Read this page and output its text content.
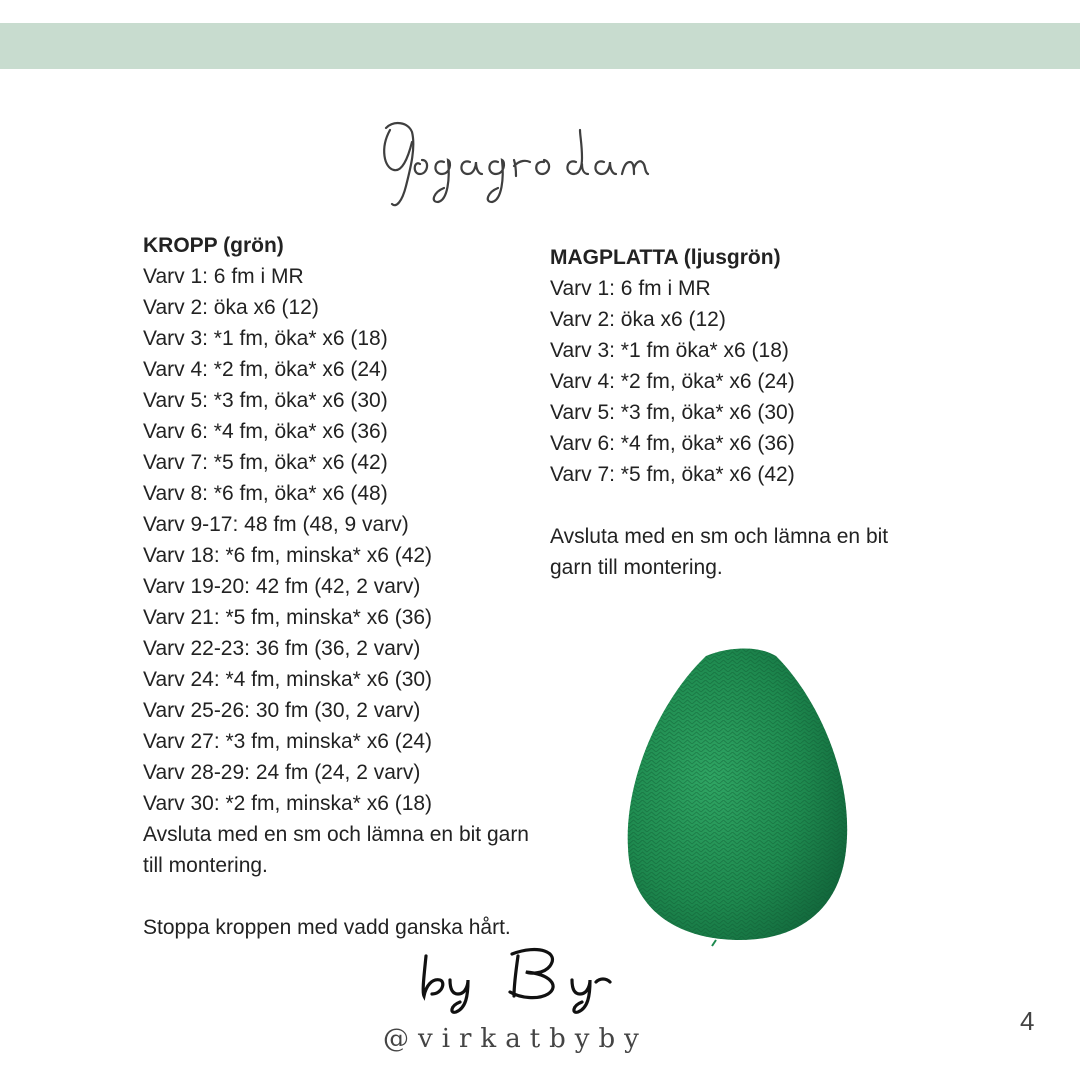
KROPP (grön)
Varv 1: 6 fm i MR
Varv 2: öka x6 (12)
Varv 3: *1 fm, öka* x6 (18)
Varv 4: *2 fm, öka* x6 (24)
Varv 5: *3 fm, öka* x6 (30)
Varv 6: *4 fm, öka* x6 (36)
Varv 7: *5 fm, öka* x6 (42)
Varv 8: *6 fm, öka* x6 (48)
Varv 9-17: 48 fm (48, 9 varv)
Varv 18: *6 fm, minska* x6 (42)
Varv 19-20: 42 fm (42, 2 varv)
Varv 21: *5 fm, minska* x6 (36)
Varv 22-23: 36 fm (36, 2 varv)
Varv 24: *4 fm, minska* x6 (30)
Varv 25-26: 30 fm (30, 2 varv)
Varv 27: *3 fm, minska* x6 (24)
Varv 28-29: 24 fm (24, 2 varv)
Varv 30: *2 fm, minska* x6 (18)
Avsluta med en sm och lämna en bit garn till montering.
Stoppa kroppen med vadd ganska hårt.
MAGPLATTA (ljusgrön)
Varv 1: 6 fm i MR
Varv 2: öka x6 (12)
Varv 3: *1 fm öka* x6 (18)
Varv 4: *2 fm, öka* x6 (24)
Varv 5: *3 fm, öka* x6 (30)
Varv 6: *4 fm, öka* x6 (36)
Varv 7: *5 fm, öka* x6 (42)
Avsluta med en sm och lämna en bit garn till montering.
@virkatbyby
4
